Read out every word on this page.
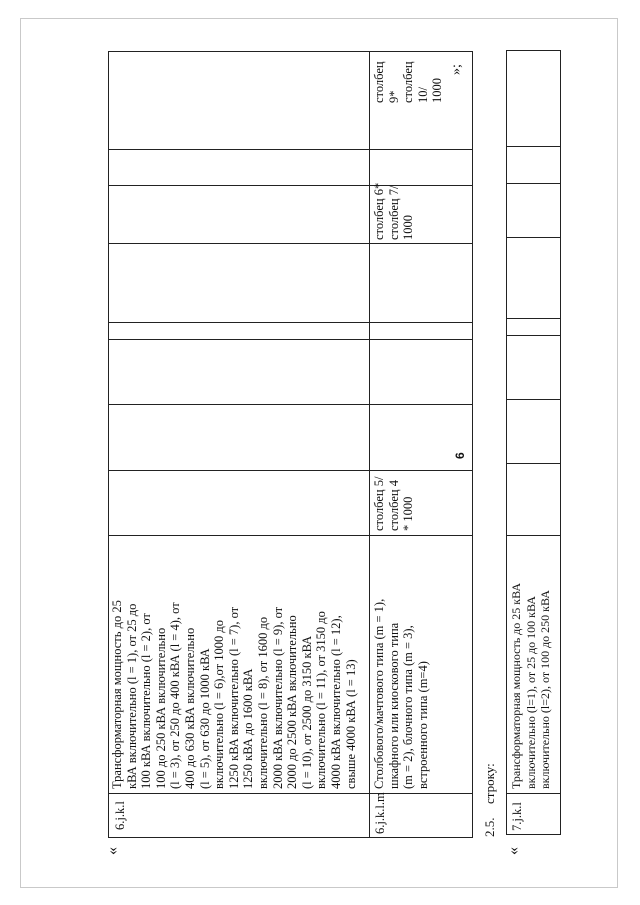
6
«
6.j.k.l
Трансформаторная мощность до 25 кВА включительно (l = 1), от 25 до 100 кВА включительно (l = 2), от 100 до 250 кВА включительно (l = 3), от 250 до 400 кВА (l = 4), от 400 до 630 кВА включительно (l = 5), от 630 до 1000 кВА включительно (l = 6),от 1000 до 1250 кВА включительно (l = 7), от 1250 кВА до 1600 кВА включительно (l = 8), от 1600 до 2000 кВА включительно (l = 9), от 2000 до 2500 кВА включительно (l = 10), от 2500 до 3150 кВА включительно (l = 11), от 3150 до 4000 кВА включительно (l = 12), свыше 4000 кВА (l = 13)
6.j.k.l.m
Столбового/мачтового типа (m = 1), шкафного или киоскового типа (m = 2), блочного типа (m = 3), встроенного типа (m=4)
столбец 5/ столбец 4 * 1000
столбец 6* столбец 7/ 1000
столбец 9* столбец 10/ 1000
»;
2.5.
строку:
«
7.j.k.l
Трансформаторная мощность до 25 кВА включительно (l=1), от 25 до 100 кВА включительно (l=2), от 100 до 250 кВА
